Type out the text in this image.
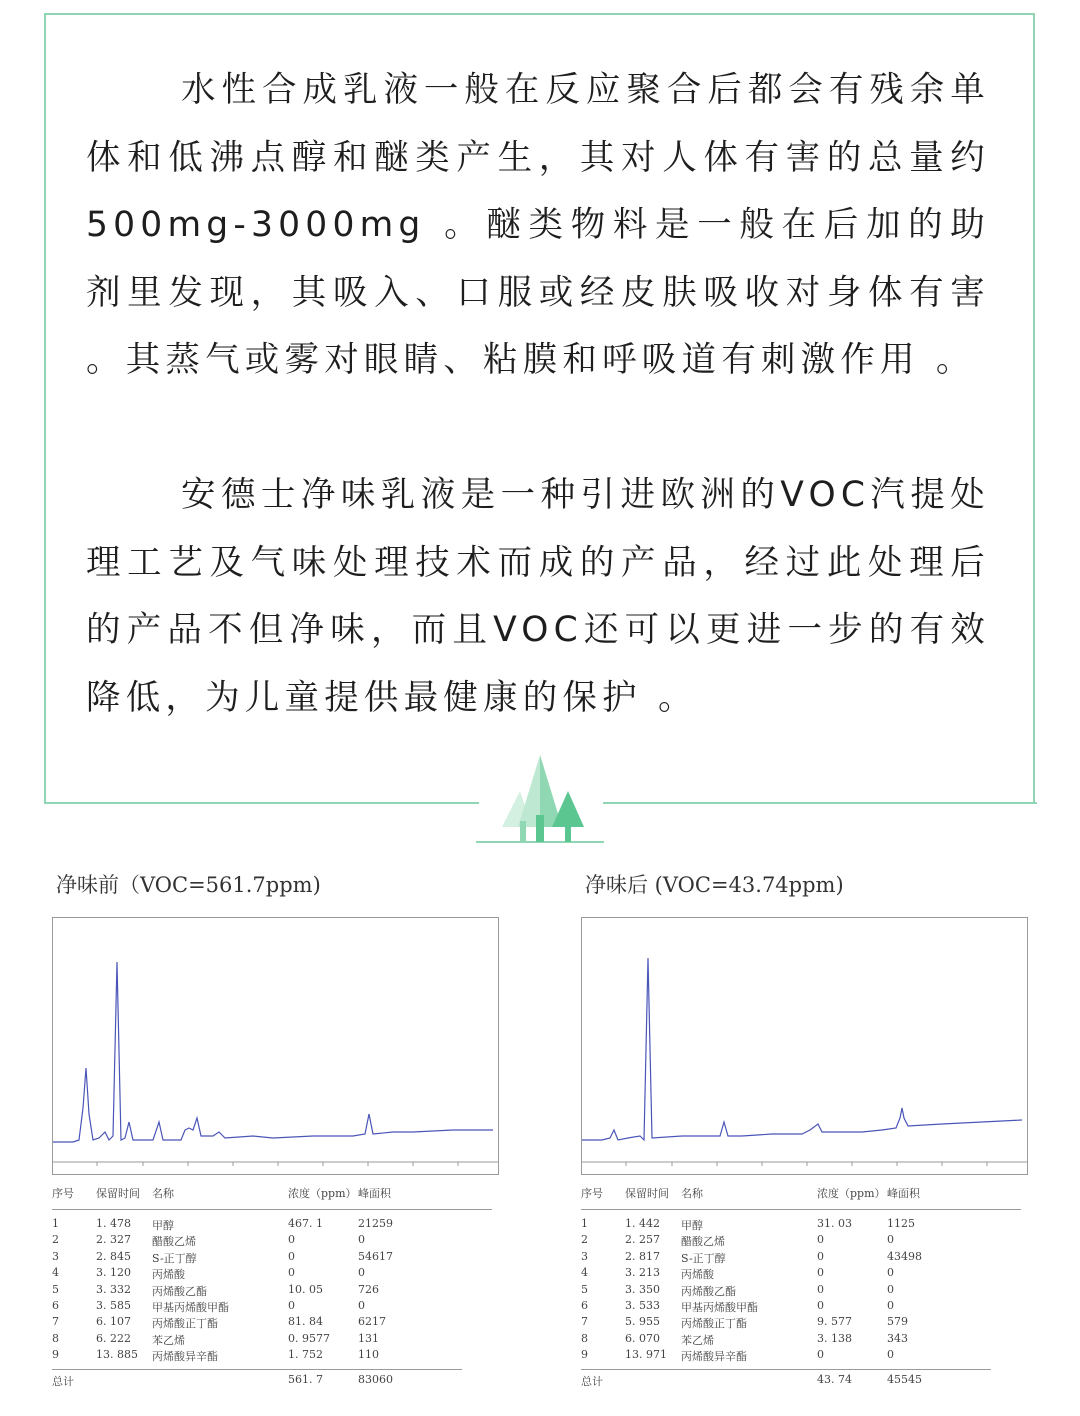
水性合成乳液一般在反应聚合后都会有残余单体和低沸点醇和醚类产生，其对人体有害的总量约500mg-3000mg 。醚类物料是一般在后加的助剂里发现，其吸入、口服或经皮肤吸收对身体有害 。其蒸气或雾对眼睛、粘膜和呼吸道有刺激作用 。

安德士净味乳液是一种引进欧洲的VOC汽提处理工艺及气味处理技术而成的产品，经过此处理后的产品不但净味，而且VOC还可以更进一步的有效降低，为儿童提供最健康的保护 。

净味前（VOC=561.7ppm)
序号 保留时间 名称	浓度（ppm） 峰面积
1	1. 478 甲醇	467. 1	21259
2	2. 327 醋酸乙烯	0	0
3	2. 845 S-正丁醇	0	54617
4	3. 120 丙烯酸	0	0
5	3. 332 丙烯酸乙酯	10. 05	726
6	3. 585 甲基丙烯酸甲酯	0	0
7	6. 107 丙烯酸正丁酯	81. 84	6217
8	6. 222 苯乙烯	0. 9577	131
9	13. 885 丙烯酸异辛酯	1. 752	110
总计	561. 7	83060
净味后 (VOC=43.74ppm)
序号 保留时间 名称	浓度（ppm） 峰面积
1	1. 442 甲醇	31. 03	1125
2	2. 257 醋酸乙烯	0	0
3	2. 817 S-正丁醇	0	43498
4	3. 213 丙烯酸	0	0
5	3. 350 丙烯酸乙酯	0	0
6	3. 533 甲基丙烯酸甲酯	0	0
7	5. 955 丙烯酸正丁酯	9. 577	579
8	6. 070 苯乙烯	3. 138	343
9	13. 971 丙烯酸异辛酯	0	0
总计	43. 74	45545
